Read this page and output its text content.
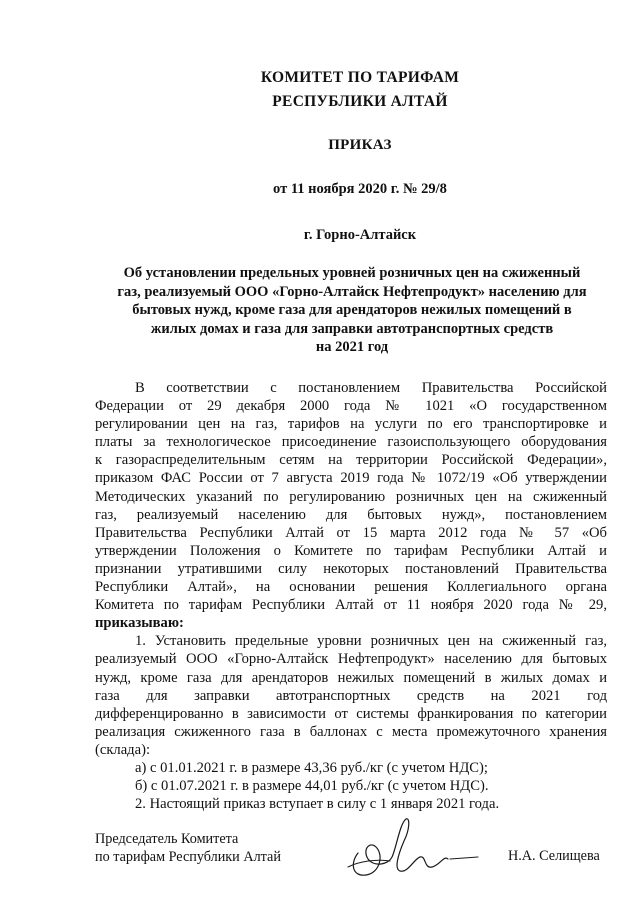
КОМИТЕТ ПО ТАРИФАМ
РЕСПУБЛИКИ АЛТАЙ
ПРИКАЗ
от 11 ноября 2020 г. № 29/8
г. Горно-Алтайск
Об установлении предельных уровней розничных цен на сжиженный
газ, реализуемый ООО «Горно-Алтайск Нефтепродукт» населению для
бытовых нужд, кроме газа для арендаторов нежилых помещений в
жилых домах и газа для заправки автотранспортных средств
на 2021 год
В соответствии с постановлением Правительства Российской
Федерации от 29 декабря 2000 года № 1021 «О государственном
регулировании цен на газ, тарифов на услуги по его транспортировке и
платы за технологическое присоединение газоиспользующего оборудования
к газораспределительным сетям на территории Российской Федерации»,
приказом ФАС России от 7 августа 2019 года № 1072/19 «Об утверждении
Методических указаний по регулированию розничных цен на сжиженный
газ, реализуемый населению для бытовых нужд», постановлением
Правительства Республики Алтай от 15 марта 2012 года № 57 «Об
утверждении Положения о Комитете по тарифам Республики Алтай и
признании утратившими силу некоторых постановлений Правительства
Республики Алтай», на основании решения Коллегиального органа
Комитета по тарифам Республики Алтай от 11 ноября 2020 года № 29,
приказываю:
1. Установить предельные уровни розничных цен на сжиженный газ,
реализуемый ООО «Горно-Алтайск Нефтепродукт» населению для бытовых
нужд, кроме газа для арендаторов нежилых помещений в жилых домах и
газа для заправки автотранспортных средств на 2021 год
дифференцированно в зависимости от системы франкирования по категории
реализация сжиженного газа в баллонах с места промежуточного хранения
(склада):
а) с 01.01.2021 г. в размере 43,36 руб./кг (с учетом НДС);
б) с 01.07.2021 г. в размере 44,01 руб./кг (с учетом НДС).
2. Настоящий приказ вступает в силу с 1 января 2021 года.
Председатель Комитета
по тарифам Республики Алтай	Н.А. Селищева
